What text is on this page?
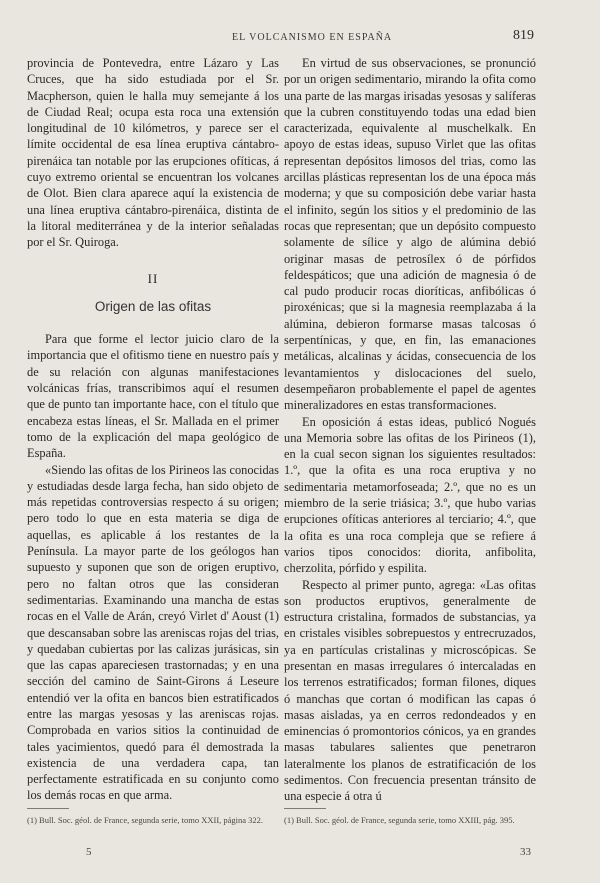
EL VOLCANISMO EN ESPAÑA	819

provincia de Pontevedra, entre Lázaro y Las Cruces, que ha sido estudiada por el Sr. Macpherson, quien le halla muy semejante á los de Ciudad Real; ocupa esta roca una extensión longitudinal de 10 kilómetros, y parece ser el límite occidental de esa línea eruptiva cántabro-pirenáica tan notable por las erupciones ofíticas, á cuyo extremo oriental se encuentran los volcanes de Olot. Bien clara aparece aquí la existencia de una línea eruptiva cántabro-pirenáica, distinta de la litoral mediterránea y de la interior señaladas por el Sr. Quiroga.

II
Origen de las ofitas

Para que forme el lector juicio claro de la importancia que el ofitismo tiene en nuestro país y de su relación con algunas manifestaciones volcánicas frías, transcribimos aquí el resumen que de punto tan importante hace, con el título que encabeza estas líneas, el Sr. Mallada en el primer tomo de la explicación del mapa geológico de España.

«Siendo las ofitas de los Pirineos las conocidas y estudiadas desde larga fecha, han sido objeto de más repetidas controversias respecto á su origen; pero todo lo que en esta materia se diga de aquellas, es aplicable á los restantes de la Península. La mayor parte de los geólogos han supuesto y suponen que son de origen eruptivo, pero no faltan otros que las consideran sedimentarias. Examinando una mancha de estas rocas en el Valle de Arán, creyó Virlet d' Aoust (1) que descansaban sobre las areniscas rojas del trias, y quedaban cubiertas por las calizas jurásicas, sin que las capas apareciesen trastornadas; y en una sección del camino de Saint-Girons á Leseure entendió ver la ofita en bancos bien estratificados entre las margas yesosas y las areniscas rojas. Comprobada en varios sitios la continuidad de tales yacimientos, quedó para él demostrada la existencia de una verdadera capa, tan perfectamente estratificada en su conjunto como los demás rocas en que arma.

En virtud de sus observaciones, se pronunció por un origen sedimentario, mirando la ofita como una parte de las margas irisadas yesosas y salíferas que la cubren constituyendo todas una edad bien caracterizada, equivalente al muschelkalk. En apoyo de estas ideas, supuso Virlet que las ofitas representan depósitos limosos del trias, como las arcillas plásticas representan los de una época más moderna; y que su composición debe variar hasta el infinito, según los sitios y el predominio de las rocas que representan; que un depósito compuesto solamente de sílice y algo de alúmina debió originar masas de petrosílex ó de pórfidos feldespáticos; que una adición de magnesia ó de cal pudo producir rocas dioríticas, anfibólicas ó piroxénicas; que si la magnesia reemplazaba á la alúmina, debieron formarse masas talcosas ó serpentínicas, y que, en fin, las emanaciones metálicas, alcalinas y ácidas, consecuencia de los levantamientos y dislocaciones del suelo, desempeñaron probablemente el papel de agentes mineralizadores en estas transformaciones.

En oposición á estas ideas, publicó Nogués una Memoria sobre las ofitas de los Pirineos (1), en la cual secon signan los siguientes resultados: 1.º, que la ofita es una roca eruptiva y no sedimentaria metamorfoseada; 2.º, que no es un miembro de la serie triásica; 3.º, que hubo varias erupciones ofíticas anteriores al terciario; 4.º, que la ofita es una roca compleja que se refiere á varios tipos conocidos: diorita, anfibolita, cherzolita, pórfido y espilita.

Respecto al primer punto, agrega: «Las ofitas son productos eruptivos, generalmente de estructura cristalina, formados de substancias, ya en cristales visibles sobrepuestos y entrecruzados, ya en partículas cristalinas y microscópicas. Se presentan en masas irregulares ó intercaladas en los terrenos estratificados; forman filones, diques ó manchas que cortan ó modifican las capas ó masas aisladas, ya en cerros redondeados y en eminencias ó promontorios cónicos, ya en grandes masas tabulares salientes que penetraron lateralmente los planos de estratificación de los sedimentos. Con frecuencia presentan tránsito de una especie á otra ú

(1) Bull. Soc. géol. de France, segunda serie, tomo XXII, página 322.	(1) Bull. Soc. géol. de France, segunda serie, tomo XXIII, pág. 395.
5	33
